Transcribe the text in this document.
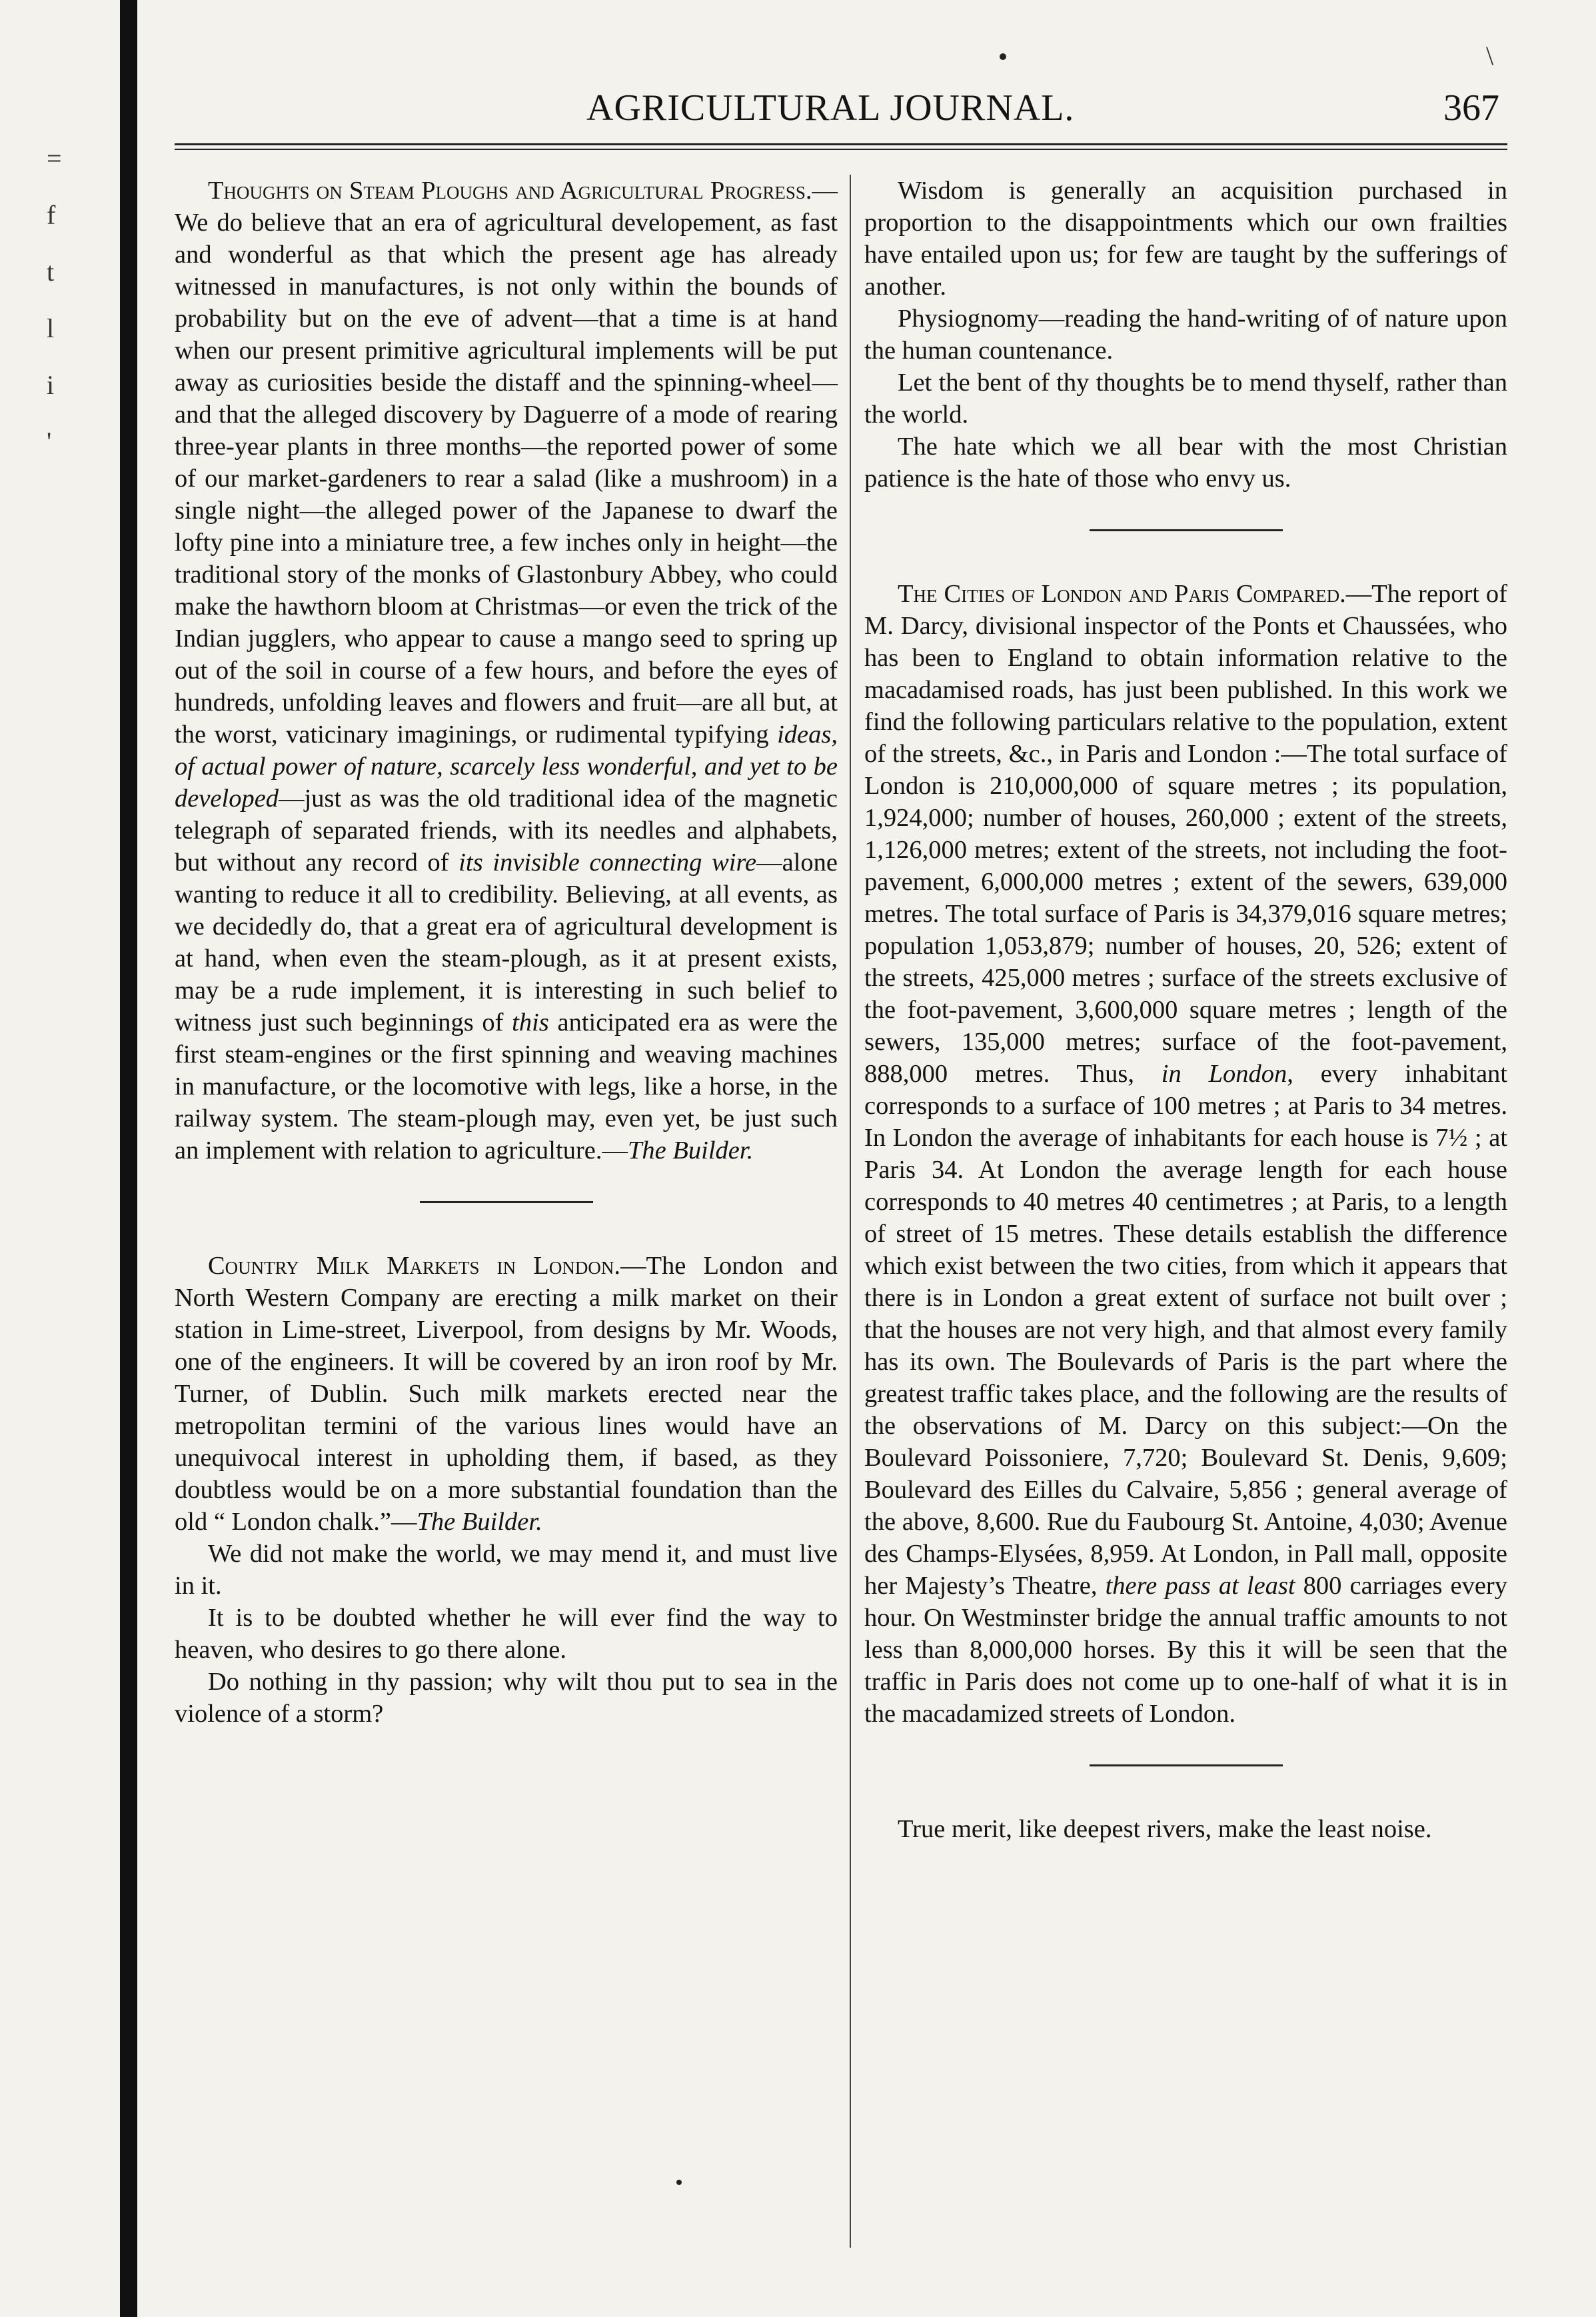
=
f
t
l
i
'
\
AGRICULTURAL JOURNAL.	367

Thoughts on Steam Ploughs and Agricultural Progress.—We do believe that an era of agricultural developement, as fast and wonderful as that which the present age has already witnessed in manufactures, is not only within the bounds of probability but on the eve of advent—that a time is at hand when our present primitive agricultural implements will be put away as curiosities beside the distaff and the spinning-wheel—and that the alleged discovery by Daguerre of a mode of rearing three-year plants in three months—the reported power of some of our market-gardeners to rear a salad (like a mushroom) in a single night—the alleged power of the Japanese to dwarf the lofty pine into a miniature tree, a few inches only in height—the traditional story of the monks of Glastonbury Abbey, who could make the hawthorn bloom at Christmas—or even the trick of the Indian jugglers, who appear to cause a mango seed to spring up out of the soil in course of a few hours, and before the eyes of hundreds, unfolding leaves and flowers and fruit—are all but, at the worst, vaticinary imaginings, or rudimental typifying ideas, of actual power of nature, scarcely less wonderful, and yet to be developed—just as was the old traditional idea of the magnetic telegraph of separated friends, with its needles and alphabets, but without any record of its invisible connecting wire—alone wanting to reduce it all to credibility. Believing, at all events, as we decidedly do, that a great era of agricultural development is at hand, when even the steam-plough, as it at present exists, may be a rude implement, it is interesting in such belief to witness just such beginnings of this anticipated era as were the first steam-engines or the first spinning and weaving machines in manufacture, or the locomotive with legs, like a horse, in the railway system. The steam-plough may, even yet, be just such an implement with relation to agriculture.—The Builder.

Country Milk Markets in London.—The London and North Western Company are erecting a milk market on their station in Lime-street, Liverpool, from designs by Mr. Woods, one of the engineers. It will be covered by an iron roof by Mr. Turner, of Dublin. Such milk markets erected near the metropolitan termini of the various lines would have an unequivocal interest in upholding them, if based, as they doubtless would be on a more substantial foundation than the old “ London chalk.”—The Builder.

We did not make the world, we may mend it, and must live in it.

It is to be doubted whether he will ever find the way to heaven, who desires to go there alone.

Do nothing in thy passion; why wilt thou put to sea in the violence of a storm?

Wisdom is generally an acquisition purchased in proportion to the disappointments which our own frailties have entailed upon us; for few are taught by the sufferings of another.

Physiognomy—reading the hand-writing of of nature upon the human countenance.

Let the bent of thy thoughts be to mend thyself, rather than the world.

The hate which we all bear with the most Christian patience is the hate of those who envy us.

The Cities of London and Paris Compared.—The report of M. Darcy, divisional inspector of the Ponts et Chaussées, who has been to England to obtain information relative to the macadamised roads, has just been published. In this work we find the following particulars relative to the population, extent of the streets, &c., in Paris and London :—The total surface of London is 210,000,000 of square metres ; its population, 1,924,000; number of houses, 260,000 ; extent of the streets, 1,126,000 metres; extent of the streets, not including the foot-pavement, 6,000,000 metres ; extent of the sewers, 639,000 metres. The total surface of Paris is 34,379,016 square metres; population 1,053,879; number of houses, 20, 526; extent of the streets, 425,000 metres ; surface of the streets exclusive of the foot-pavement, 3,600,000 square metres ; length of the sewers, 135,000 metres; surface of the foot-pavement, 888,000 metres. Thus, in London, every inhabitant corresponds to a surface of 100 metres ; at Paris to 34 metres. In London the average of inhabitants for each house is 7½ ; at Paris 34. At London the average length for each house corresponds to 40 metres 40 centimetres ; at Paris, to a length of street of 15 metres. These details establish the difference which exist between the two cities, from which it appears that there is in London a great extent of surface not built over ; that the houses are not very high, and that almost every family has its own. The Boulevards of Paris is the part where the greatest traffic takes place, and the following are the results of the observations of M. Darcy on this subject:—On the Boulevard Poissoniere, 7,720; Boulevard St. Denis, 9,609; Boulevard des Eilles du Calvaire, 5,856 ; general average of the above, 8,600. Rue du Faubourg St. Antoine, 4,030; Avenue des Champs-Elysées, 8,959. At London, in Pall mall, opposite her Majesty’s Theatre, there pass at least 800 carriages every hour. On Westminster bridge the annual traffic amounts to not less than 8,000,000 horses. By this it will be seen that the traffic in Paris does not come up to one-half of what it is in the macadamized streets of London.

True merit, like deepest rivers, make the least noise.
